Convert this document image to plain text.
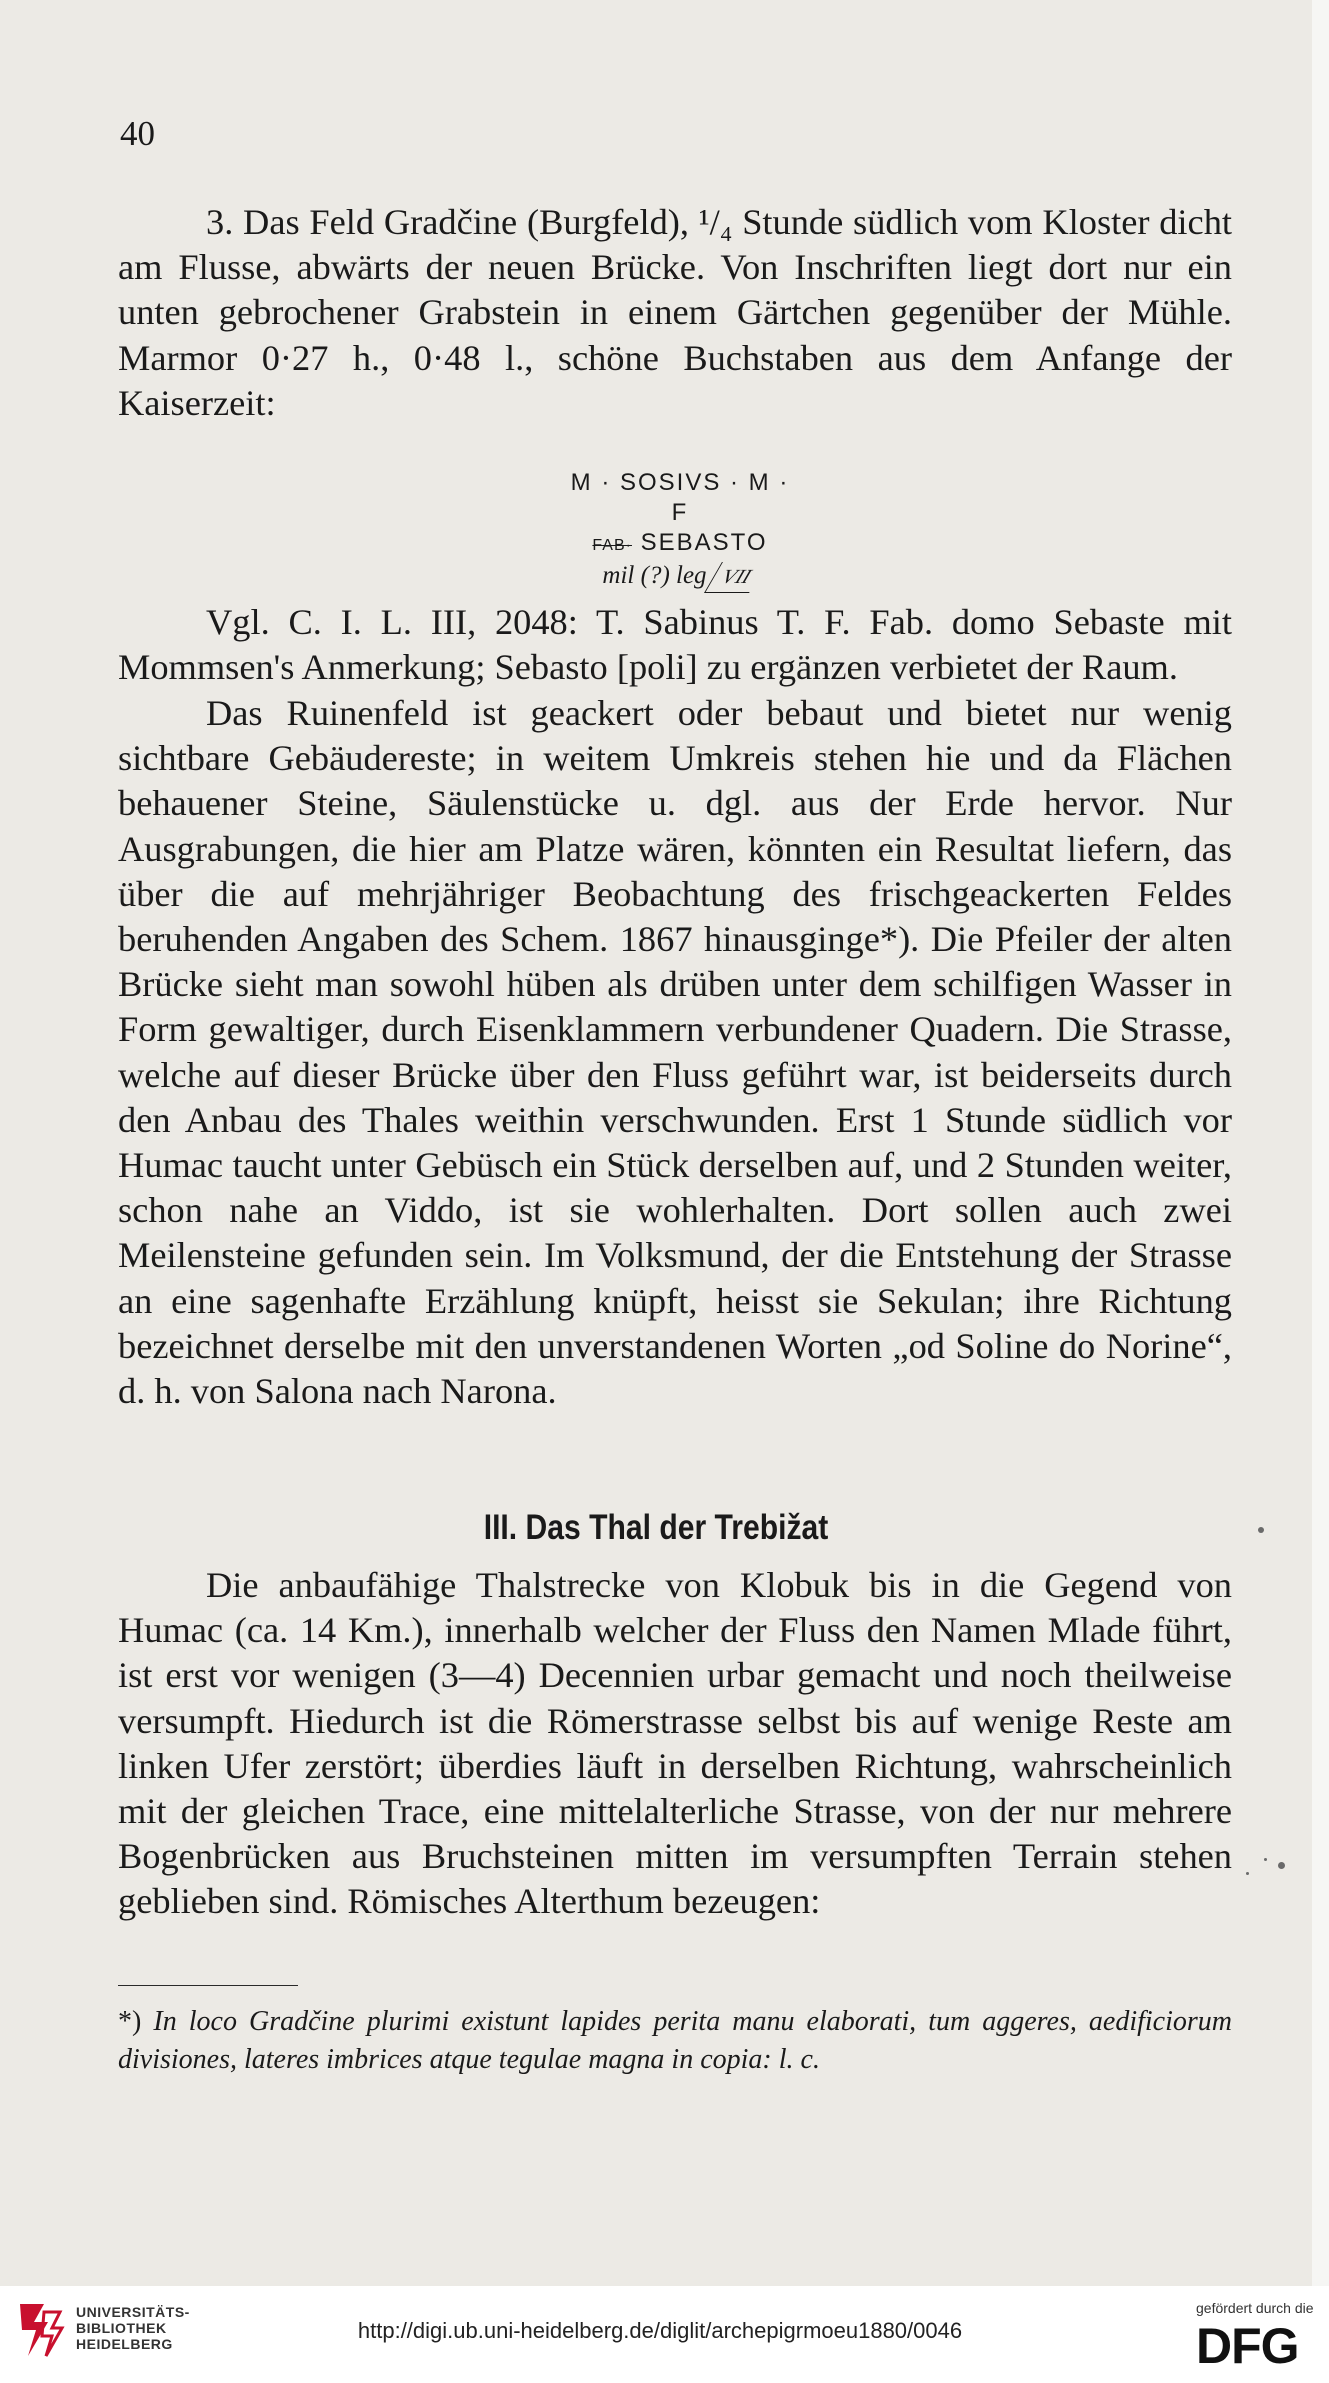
40

3. Das Feld Gradčine (Burgfeld), ¹/₄ Stunde südlich vom Kloster dicht am Flusse, abwärts der neuen Brücke. Von Inschriften liegt dort nur ein unten gebrochener Grabstein in einem Gärtchen gegenüber der Mühle. Marmor 0·27 h., 0·48 l., schöne Buchstaben aus dem Anfange der Kaiserzeit:

M · SOSIVS · M · F
FAB· SEBASTO
mil (?) leg VII

Vgl. C. I. L. III, 2048: T. Sabinus T. F. Fab. domo Sebaste mit Mommsen's Anmerkung; Sebasto [poli] zu ergänzen verbietet der Raum.

Das Ruinenfeld ist geackert oder bebaut und bietet nur wenig sichtbare Gebäudereste; in weitem Umkreis stehen hie und da Flächen behauener Steine, Säulenstücke u. dgl. aus der Erde hervor. Nur Ausgrabungen, die hier am Platze wären, könnten ein Resultat liefern, das über die auf mehrjähriger Beobachtung des frischgeackerten Feldes beruhenden Angaben des Schem. 1867 hinausginge*). Die Pfeiler der alten Brücke sieht man sowohl hüben als drüben unter dem schilfigen Wasser in Form gewaltiger, durch Eisenklammern verbundener Quadern. Die Strasse, welche auf dieser Brücke über den Fluss geführt war, ist beiderseits durch den Anbau des Thales weithin verschwunden. Erst 1 Stunde südlich vor Humac taucht unter Gebüsch ein Stück derselben auf, und 2 Stunden weiter, schon nahe an Viddo, ist sie wohlerhalten. Dort sollen auch zwei Meilensteine gefunden sein. Im Volksmund, der die Entstehung der Strasse an eine sagenhafte Erzählung knüpft, heisst sie Sekulan; ihre Richtung bezeichnet derselbe mit den unverstandenen Worten „od Soline do Norine“, d. h. von Salona nach Narona.

III. Das Thal der Trebižat

Die anbaufähige Thalstrecke von Klobuk bis in die Gegend von Humac (ca. 14 Km.), innerhalb welcher der Fluss den Namen Mlade führt, ist erst vor wenigen (3—4) Decennien urbar gemacht und noch theilweise versumpft. Hiedurch ist die Römerstrasse selbst bis auf wenige Reste am linken Ufer zerstört; überdies läuft in derselben Richtung, wahrscheinlich mit der gleichen Trace, eine mittelalterliche Strasse, von der nur mehrere Bogenbrücken aus Bruchsteinen mitten im versumpften Terrain stehen geblieben sind. Römisches Alterthum bezeugen:

*) In loco Gradčine plurimi existunt lapides perita manu elaborati, tum aggeres, aedificiorum divisiones, lateres imbrices atque tegulae magna in copia: l. c.
UNIVERSITÄTS-
BIBLIOTHEK
HEIDELBERG
http://digi.ub.uni-heidelberg.de/diglit/archepigrmoeu1880/0046
gefördert durch die
DFG
